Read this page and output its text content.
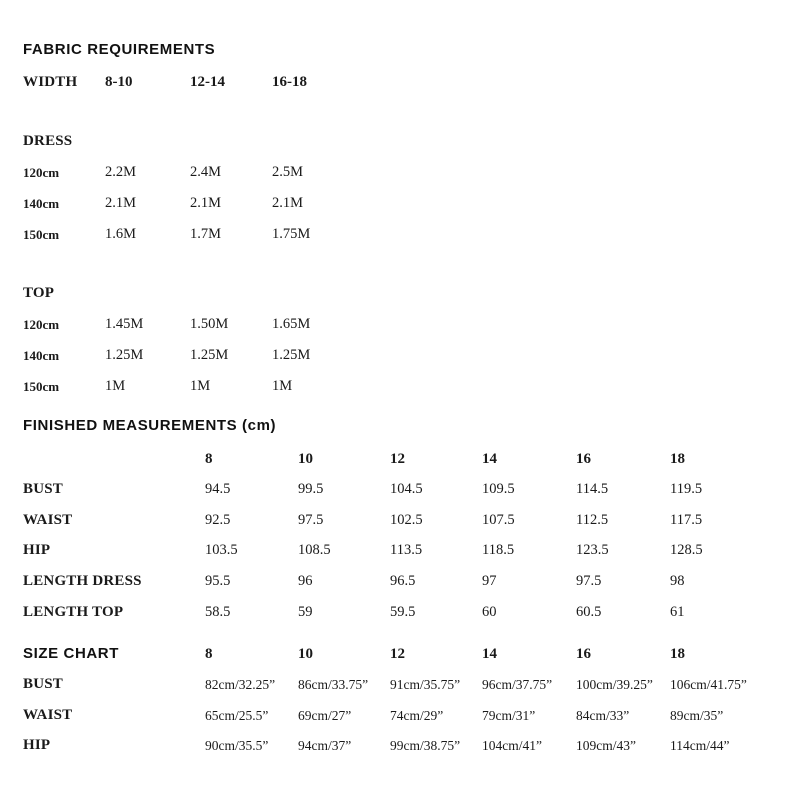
FABRIC REQUIREMENTS
WIDTH 8-10	12-14	16-18
DRESS
120cm	2.2M	2.4M	2.5M
140cm	2.1M	2.1M	2.1M
150cm	1.6M	1.7M	1.75M
TOP
120cm	1.45M	1.50M	1.65M
140cm	1.25M	1.25M	1.25M
150cm	1M	1M	1M
FINISHED MEASUREMENTS (cm)
8	10	12	14	16	18
BUST	94.5	99.5	104.5	109.5	114.5	119.5
WAIST	92.5	97.5	102.5	107.5	112.5	117.5
HIP	103.5	108.5	113.5	118.5	123.5	128.5
LENGTH DRESS	95.5	96	96.5	97	97.5	98
LENGTH TOP	58.5	59	59.5	60	60.5	61
SIZE CHART	8	10	12	14	16	18
BUST	82cm/32.25” 86cm/33.75” 91cm/35.75” 96cm/37.75” 100cm/39.25” 106cm/41.75”
WAIST	65cm/25.5” 69cm/27”	74cm/29”	79cm/31”	84cm/33”	89cm/35”
HIP	90cm/35.5” 94cm/37”	99cm/38.75” 104cm/41”	109cm/43”	114cm/44”
